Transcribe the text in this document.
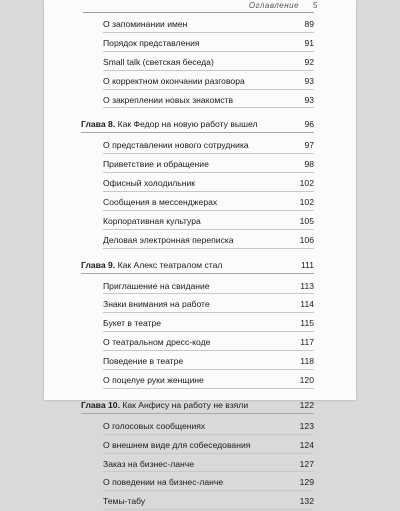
Оглавление 5
О запоминании имен	89
Порядок представления	91
Small talk (светская беседа)	92
О корректном окончании разговора	93
О закреплении новых знакомств	93
Глава 8. Как Федор на новую работу вышел	96
О представлении нового сотрудника	97
Приветствие и обращение	98
Офисный холодильник	102
Сообщения в мессенджерах	102
Корпоративная культура	105
Деловая электронная переписка	106
Глава 9. Как Алекс театралом стал	111
Приглашение на свидание	113
Знаки внимания на работе	114
Букет в театре	115
О театральном дресс-коде	117
Поведение в театре	118
О поцелуе руки женщине	120
Глава 10. Как Анфису на работу не взяли	122
О голосовых сообщениях	123
О внешнем виде для собеседования	124
Заказ на бизнес-ланче	127
О поведении на бизнес-ланче	129
Темы-табу	132
